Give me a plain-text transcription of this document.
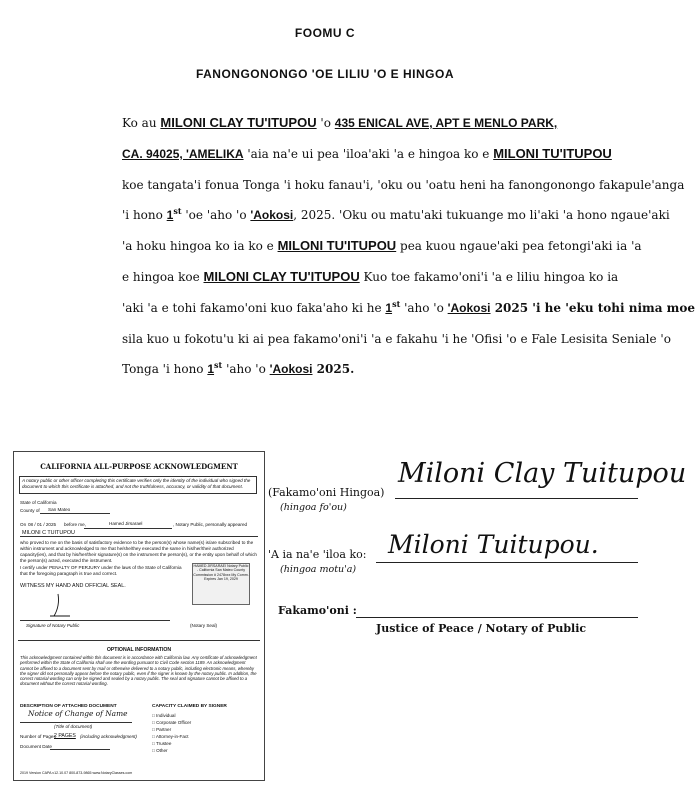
FOOMU C
FANONGONONGO 'OE LILIU 'O E HINGOA
Ko au MILONI CLAY TU'ITUPOU 'o 435 ENICAL AVE, APT E MENLO PARK,
CA. 94025, 'AMELIKA 'aia na'e ui pea 'iloa'aki 'a e hingoa ko e MILONI TU'ITUPOU
koe tangata'i fonua Tonga 'i hoku fanau'i, 'oku ou 'oatu heni ha fanongonongo fakapule'anga
'i hono 1st 'oe 'aho 'o 'Aokosi, 2025. 'Oku ou matu'aki tukuange mo li'aki 'a hono ngaue'aki
'a hoku hingoa ko ia ko e MILONI TU'ITUPOU pea kuou ngaue'aki pea fetongi'aki ia 'a
e hingoa koe MILONI CLAY TU'ITUPOU Kuo toe fakamo'oni'i 'a e liliu hingoa ko ia
'aki 'a e tohi fakamo'oni kuo faka'aho ki he 1st 'aho 'o 'Aokosi 2025 'i he 'eku tohi nima moe
sila kuo u fokotu'u ki ai pea fakamo'oni'i 'a e fakahu 'i he 'Ofisi 'o e Fale Lesisita Seniale 'o
Tonga 'i hono 1st 'aho 'o 'Aokosi 2025.
CALIFORNIA ALL-PURPOSE ACKNOWLEDGMENT
A notary public or other officer completing this certificate verifies only the identity of the individual who signed the document to which this certificate is attached, and not the truthfulness, accuracy, or validity of that document.
State of California
County of San Mateo
On 08 / 01 / 2025 before me,	Hamed Jirsarael	, Notary Public, personally appeared
MILONI C TUITUPOU
who proved to me on the basis of satisfactory evidence to be the person(s) whose name(s) is/are subscribed to the within instrument and acknowledged to me that he/she/they executed the same in his/her/their authorized capacity(ies), and that by his/her/their signature(s) on the instrument the person(s), or the entity upon behalf of which the person(s) acted, executed the instrument.
I certify under PENALTY OF PERJURY under the laws of the State of California that the foregoing paragraph is true and correct.
WITNESS MY HAND AND OFFICIAL SEAL.
HAMED JIRSARAEI Notary Public - California San Mateo County Commission # 2478xxx My Comm. Expires Jan 19, 2029
Signature of Notary Public	(Notary Seal)
OPTIONAL INFORMATION
This acknowledgment contained within this document is in accordance with California law. Any certificate of acknowledgment performed within the State of California shall use the wording pursuant to Civil Code section 1189. An acknowledgment cannot be affixed to a document sent by mail or otherwise delivered to a notary public, including electronic means, whereby the signer did not personally appear before the notary public, even if the signer is known by the notary public. In addition, the correct notarial wording can only be signed and sealed by a notary public. The seal and signature cannot be affixed to a document without the correct notarial wording.
DESCRIPTION OF ATTACHED DOCUMENT
Notice of Change of Name
(Title of document)
Number of Pages
2 PAGES (including acknowledgment)
Document Date
CAPACITY CLAIMED BY SIGNER
□ Individual
□ Corporate Officer
□ Partner
□ Attorney-in-Fact
□ Trustee
□ Other
2019 Version CAPA v12.10.07 800-873-9865 www.NotaryClasses.com
(Fakamo'oni Hingoa)
(hingoa fo'ou)
Miloni Clay Tuitupou
'A ia na'e 'iloa ko:
(hingoa motu'a)
Miloni Tuitupou.
Fakamo'oni :
Justice of Peace / Notary of Public
